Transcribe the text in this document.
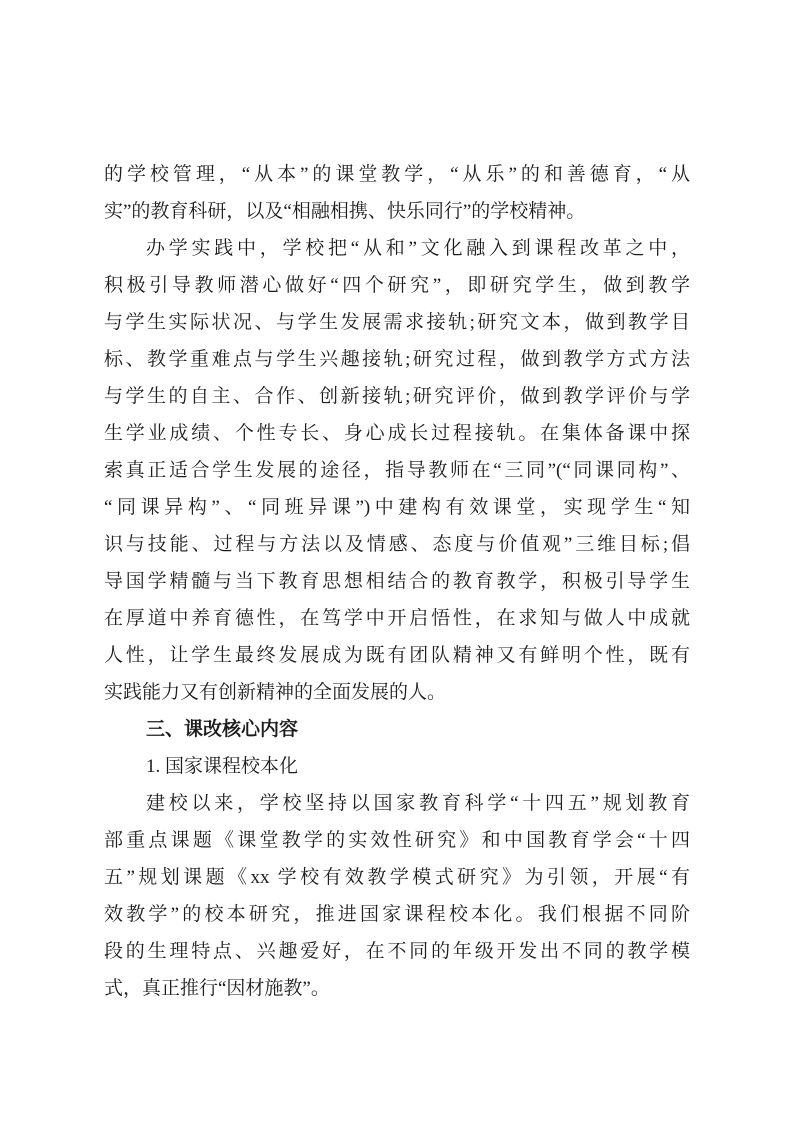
的学校管理，“从本”的课堂教学，“从乐”的和善德育，“从
实”的教育科研，以及“相融相携、快乐同行”的学校精神。
办学实践中，学校把“从和”文化融入到课程改革之中，
积极引导教师潜心做好“四个研究”，即研究学生，做到教学
与学生实际状况、与学生发展需求接轨;研究文本，做到教学目
标、教学重难点与学生兴趣接轨;研究过程，做到教学方式方法
与学生的自主、合作、创新接轨;研究评价，做到教学评价与学
生学业成绩、个性专长、身心成长过程接轨。在集体备课中探
索真正适合学生发展的途径，指导教师在“三同”(“同课同构”、
“同课异构”、“同班异课”)中建构有效课堂，实现学生“知
识与技能、过程与方法以及情感、态度与价值观”三维目标;倡
导国学精髓与当下教育思想相结合的教育教学，积极引导学生
在厚道中养育德性，在笃学中开启悟性，在求知与做人中成就
人性，让学生最终发展成为既有团队精神又有鲜明个性，既有
实践能力又有创新精神的全面发展的人。
三、课改核心内容
1. 国家课程校本化
建校以来，学校坚持以国家教育科学“十四五”规划教育
部重点课题《课堂教学的实效性研究》和中国教育学会“十四
五”规划课题《xx 学校有效教学模式研究》为引领，开展“有
效教学”的校本研究，推进国家课程校本化。我们根据不同阶
段的生理特点、兴趣爱好，在不同的年级开发出不同的教学模
式，真正推行“因材施教”。
